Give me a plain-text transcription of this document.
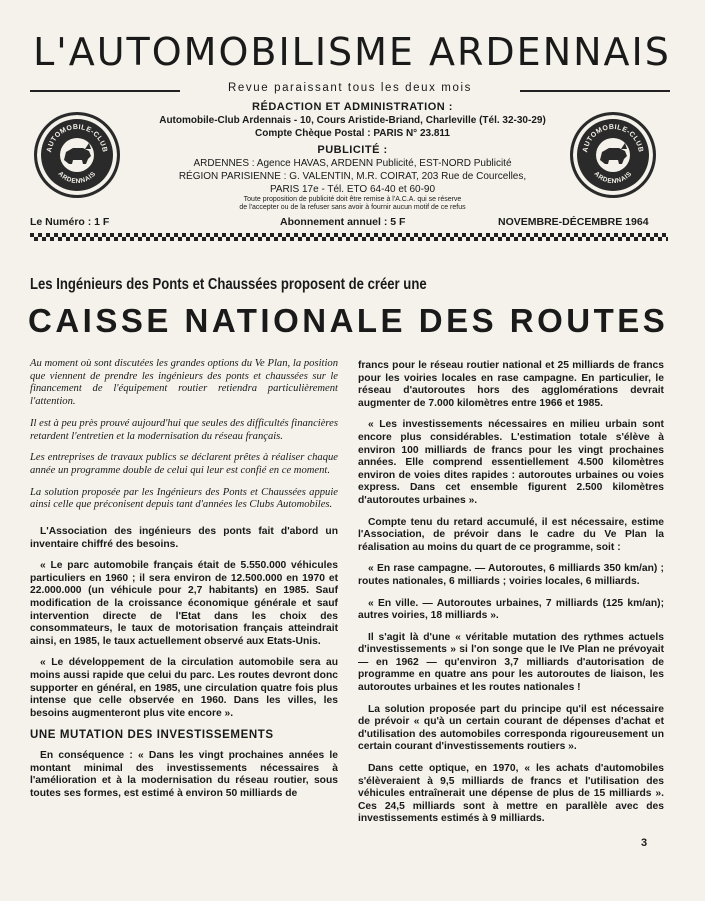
L'AUTOMOBILISME ARDENNAIS
Revue paraissant tous les deux mois
AUTOMOBILE-CLUB
ARDENNAIS
AUTOMOBILE-CLUB
ARDENNAIS
RÉDACTION ET ADMINISTRATION :
Automobile-Club Ardennais - 10, Cours Aristide-Briand, Charleville (Tél. 32-30-29)
Compte Chèque Postal : PARIS N° 23.811
PUBLICITÉ :
ARDENNES : Agence HAVAS, ARDENN Publicité, EST-NORD Publicité
RÉGION PARISIENNE : G. VALENTIN, M.R. COIRAT, 203 Rue de Courcelles,
PARIS 17e - Tél. ETO 64-40 et 60-90
Toute proposition de publicité doit être remise à l'A.C.A. qui se réserve
de l'accepter ou de la refuser sans avoir à fournir aucun motif de ce refus
Le Numéro : 1 F	Abonnement annuel : 5 F	NOVEMBRE-DÉCEMBRE 1964
Les Ingénieurs des Ponts et Chaussées proposent de créer une
CAISSE NATIONALE DES ROUTES

Au moment où sont discutées les grandes options du Ve Plan, la position que viennent de prendre les ingénieurs des ponts et chaussées sur le financement de l'équipement routier retiendra particulièrement l'attention.

Il est à peu près prouvé aujourd'hui que seules des difficultés financières retardent l'entretien et la modernisation du réseau français.

Les entreprises de travaux publics se déclarent prêtes à réaliser chaque année un programme double de celui qui leur est confié en ce moment.

La solution proposée par les Ingénieurs des Ponts et Chaussées appuie ainsi celle que préconisent depuis tant d'années les Clubs Automobiles.

L'Association des ingénieurs des ponts fait d'abord un inventaire chiffré des besoins.

« Le parc automobile français était de 5.550.000 véhicules particuliers en 1960 ; il sera environ de 12.500.000 en 1970 et 22.000.000 (un véhicule pour 2,7 habitants) en 1985. Sauf modification de la croissance économique générale et sauf intervention directe de l'Etat dans les choix des consommateurs, le taux de motorisation français atteindrait ainsi, en 1985, le taux actuellement observé aux Etats-Unis.

« Le développement de la circulation automobile sera au moins aussi rapide que celui du parc. Les routes devront donc supporter en général, en 1985, une circulation quatre fois plus intense que celle observée en 1960. Dans les villes, les besoins augmenteront plus vite encore ».

UNE MUTATION DES INVESTISSEMENTS

En conséquence : « Dans les vingt prochaines années le montant minimal des investissements nécessaires à l'amélioration et à la modernisation du réseau routier, sous toutes ses formes, est estimé à environ 50 milliards de

francs pour le réseau routier national et 25 milliards de francs pour les voiries locales en rase campagne. En particulier, le réseau d'autoroutes hors des agglomérations devrait augmenter de 7.000 kilomètres entre 1966 et 1985.

« Les investissements nécessaires en milieu urbain sont encore plus considérables. L'estimation totale s'élève à environ 100 milliards de francs pour les vingt prochaines années. Elle comprend essentiellement 4.500 kilomètres environ de voies dites rapides : autoroutes urbaines ou voies express. Dans cet ensemble figurent 2.500 kilomètres d'autoroutes urbaines ».

Compte tenu du retard accumulé, il est nécessaire, estime l'Association, de prévoir dans le cadre du Ve Plan la réalisation au moins du quart de ce programme, soit :

« En rase campagne. — Autoroutes, 6 milliards 350 km/an) ; routes nationales, 6 milliards ; voiries locales, 6 milliards.

« En ville. — Autoroutes urbaines, 7 milliards (125 km/an); autres voiries, 18 milliards ».

Il s'agit là d'une « véritable mutation des rythmes actuels d'investissements » si l'on songe que le IVe Plan ne prévoyait — en 1962 — qu'environ 3,7 milliards d'autorisation de programme en quatre ans pour les autoroutes de liaison, les autoroutes urbaines et les routes nationales !

La solution proposée part du principe qu'il est nécessaire de prévoir « qu'à un certain courant de dépenses d'achat et d'utilisation des automobiles corresponda rigoureusement un certain courant d'investissements routiers ».

Dans cette optique, en 1970, « les achats d'automobiles s'élèveraient à 9,5 milliards de francs et l'utilisation des véhicules entraînerait une dépense de plus de 15 milliards ». Ces 24,5 milliards sont à mettre en parallèle avec des investissements estimés à 9 milliards.

3
